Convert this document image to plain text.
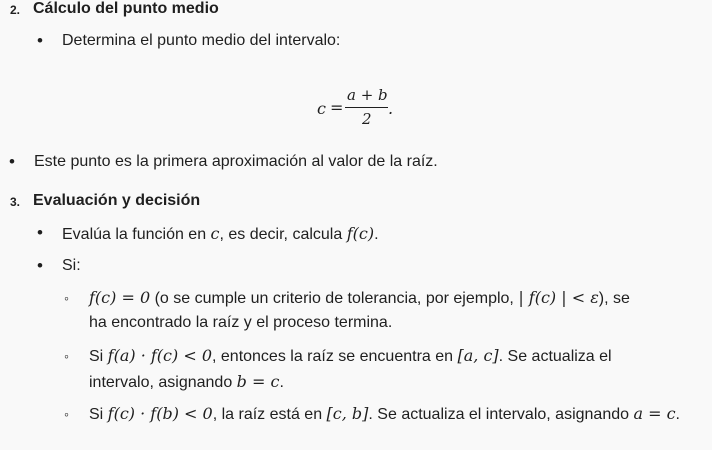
2. Cálculo del punto medio
• Determina el punto medio del intervalo:
c =
a + b
2
.
• Este punto es la primera aproximación al valor de la raíz.
3. Evaluación y decisión
• Evalúa la función en c, es decir, calcula f(c).
• Si:
◦ f(c) = 0 (o se cumple un criterio de tolerancia, por ejemplo, | f(c) | < ε), se
ha encontrado la raíz y el proceso termina.
◦ Si f(a) · f(c) < 0, entonces la raíz se encuentra en [a, c]. Se actualiza el
intervalo, asignando b = c.
◦ Si f(c) · f(b) < 0, la raíz está en [c, b]. Se actualiza el intervalo, asignando a = c.
